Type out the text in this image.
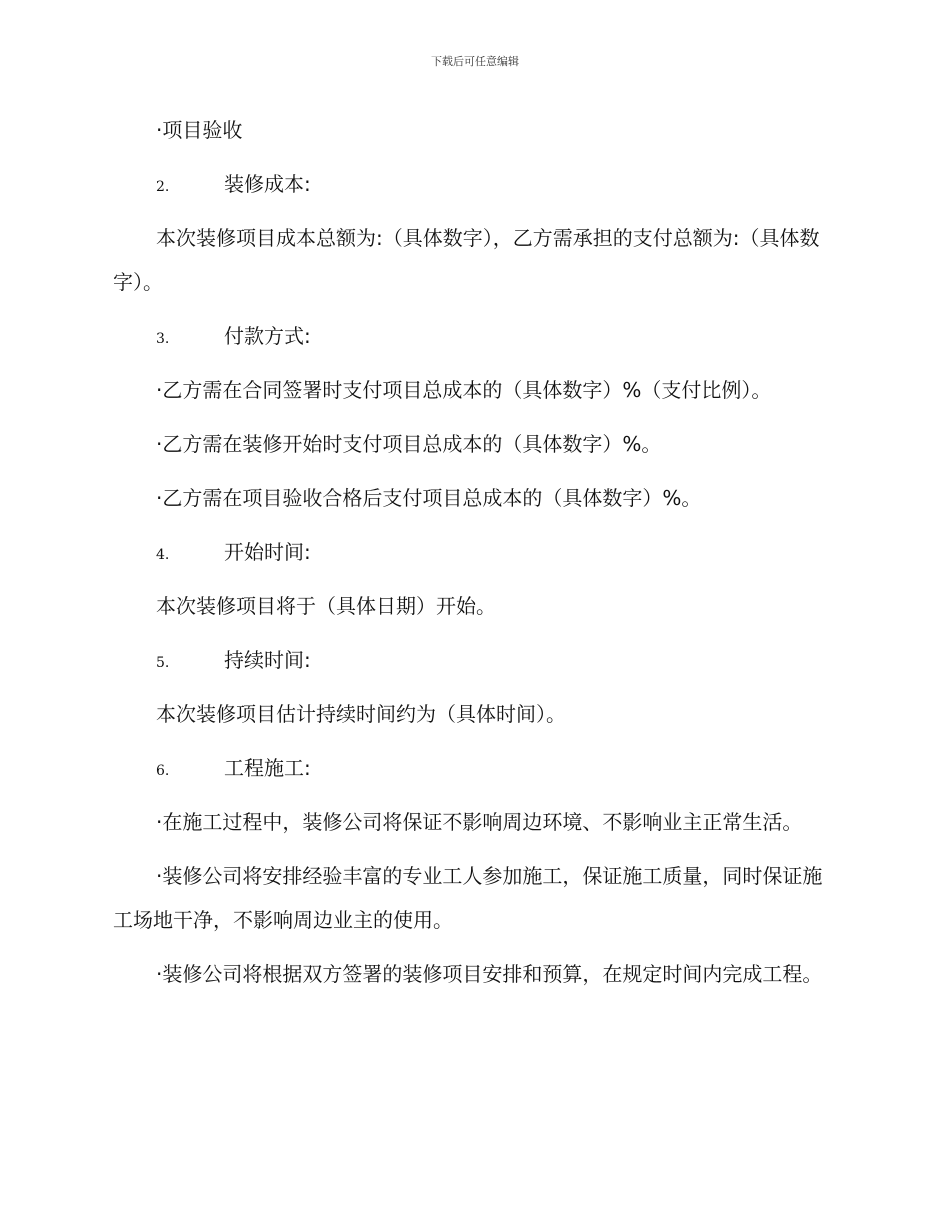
下载后可任意编辑
·项目验收
2.	装修成本:
本次装修项目成本总额为:（具体数字），乙方需承担的支付总额为:（具体数字）。
3.	付款方式:
·乙方需在合同签署时支付项目总成本的（具体数字）%（支付比例）。
·乙方需在装修开始时支付项目总成本的（具体数字）%。
·乙方需在项目验收合格后支付项目总成本的（具体数字）%。
4.	开始时间:
本次装修项目将于（具体日期）开始。
5.	持续时间:
本次装修项目估计持续时间约为（具体时间）。
6.	工程施工:
·在施工过程中，装修公司将保证不影响周边环境、不影响业主正常生活。
·装修公司将安排经验丰富的专业工人参加施工，保证施工质量，同时保证施工场地干净，不影响周边业主的使用。
·装修公司将根据双方签署的装修项目安排和预算，在规定时间内完成工程。
